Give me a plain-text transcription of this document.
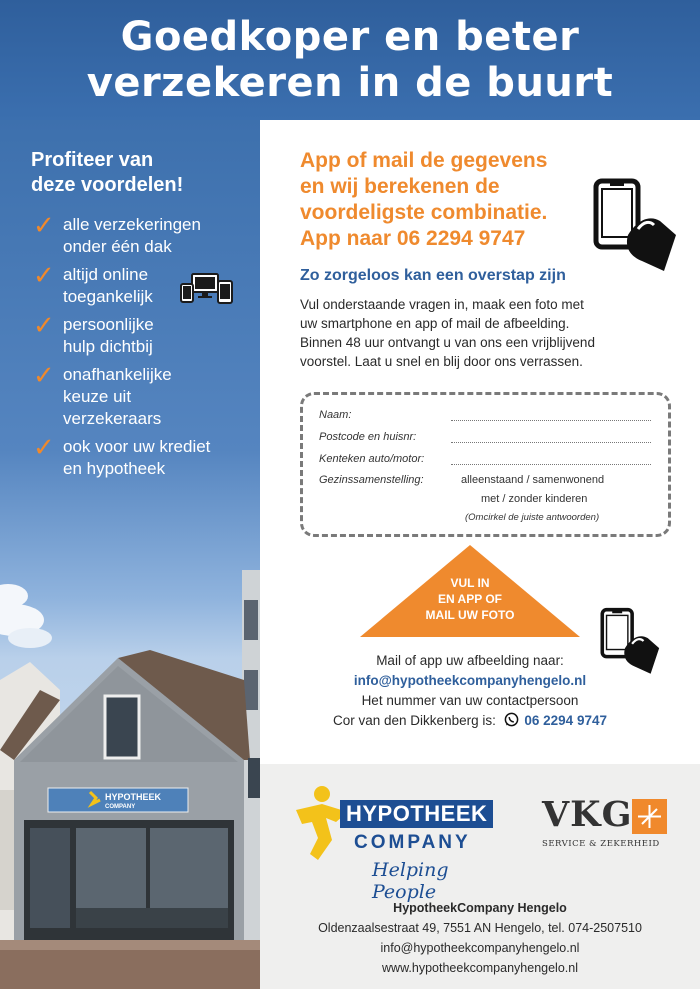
Goedkoper en beter
verzekeren in de buurt
Profiteer van
deze voordelen!
✓ alle verzekeringen
onder één dak
✓ altijd online
toegankelijk
✓ persoonlijke
hulp dichtbij
✓ onafhankelijke
keuze uit
verzekeraars
✓ ook voor uw krediet
en hypotheek
HYPOTHEEK
COMPANY
App of mail de gegevens
en wij berekenen de
voordeligste combinatie.
App naar 06 2294 9747
Zo zorgeloos kan een overstap zijn
Vul onderstaande vragen in, maak een foto met
uw smartphone en app of mail de afbeelding.
Binnen 48 uur ontvangt u van ons een vrijblijvend
voorstel. Laat u snel en blij door ons verrassen.
Naam:
Postcode en huisnr:
Kenteken auto/motor:
Gezinssamenstelling:	alleenstaand / samenwonend
met / zonder kinderen
(Omcirkel de juiste antwoorden)
VUL IN
EN APP OF
MAIL UW FOTO
Mail of app uw afbeelding naar:
info@hypotheekcompanyhengelo.nl
Het nummer van uw contactpersoon
Cor van den Dikkenberg is: 06 2294 9747
HYPOTHEEK
COMPANY
Helping People
VKG
SERVICE & ZEKERHEID
HypotheekCompany Hengelo
Oldenzaalsestraat 49, 7551 AN Hengelo, tel. 074-2507510
info@hypotheekcompanyhengelo.nl
www.hypotheekcompanyhengelo.nl
